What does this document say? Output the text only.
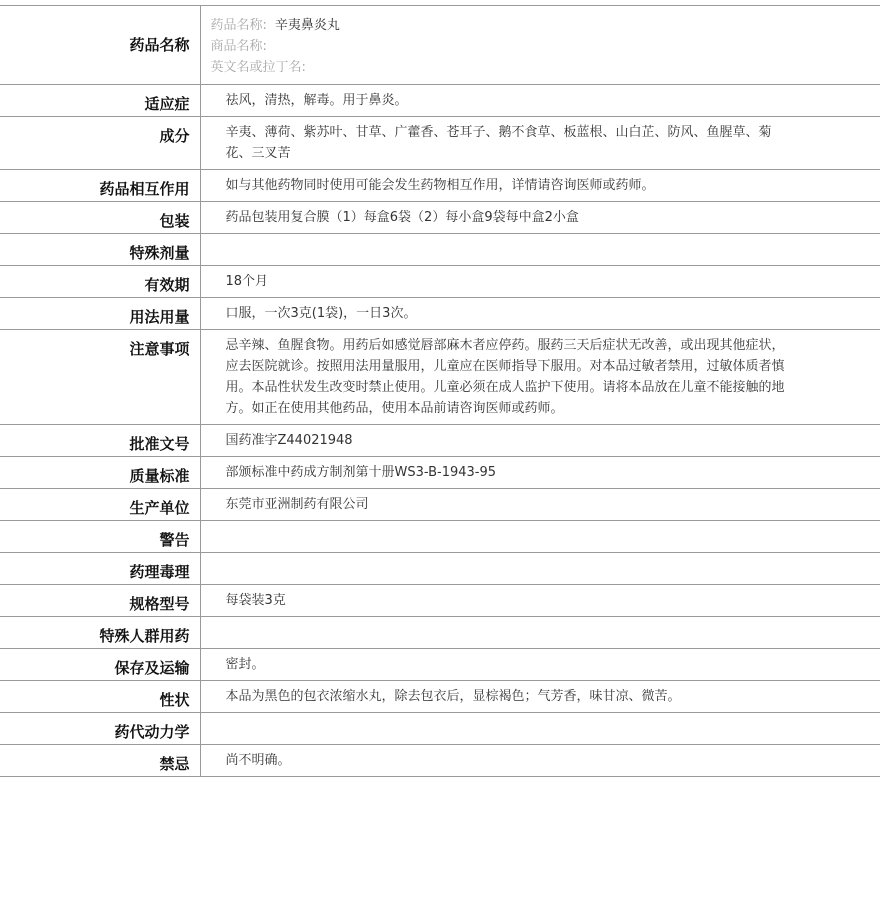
药品名称	药品名称: 辛夷鼻炎丸
商品名称:
英文名或拉丁名:

适应症	祛风，清热，解毒。用于鼻炎。
成分	辛夷、薄荷、紫苏叶、甘草、广藿香、苍耳子、鹅不食草、板蓝根、山白芷、防风、鱼腥草、菊花、三叉苦
药品相互作用	如与其他药物同时使用可能会发生药物相互作用，详情请咨询医师或药师。
包装	药品包装用复合膜（1）每盒6袋（2）每小盒9袋每中盒2小盒
特殊剂量	
有效期	18个月
用法用量	口服，一次3克(1袋)，一日3次。
注意事项	忌辛辣、鱼腥食物。用药后如感觉唇部麻木者应停药。服药三天后症状无改善，或出现其他症状，应去医院就诊。按照用法用量服用，儿童应在医师指导下服用。对本品过敏者禁用，过敏体质者慎用。本品性状发生改变时禁止使用。儿童必须在成人监护下使用。请将本品放在儿童不能接触的地方。如正在使用其他药品，使用本品前请咨询医师或药师。
批准文号	国药准字Z44021948
质量标准	部颁标准中药成方制剂第十册WS3-B-1943-95
生产单位	东莞市亚洲制药有限公司
警告	
药理毒理	
规格型号	每袋装3克
特殊人群用药	
保存及运输	密封。
性状	本品为黑色的包衣浓缩水丸，除去包衣后，显棕褐色；气芳香，味甘凉、微苦。
药代动力学	
禁忌	尚不明确。
